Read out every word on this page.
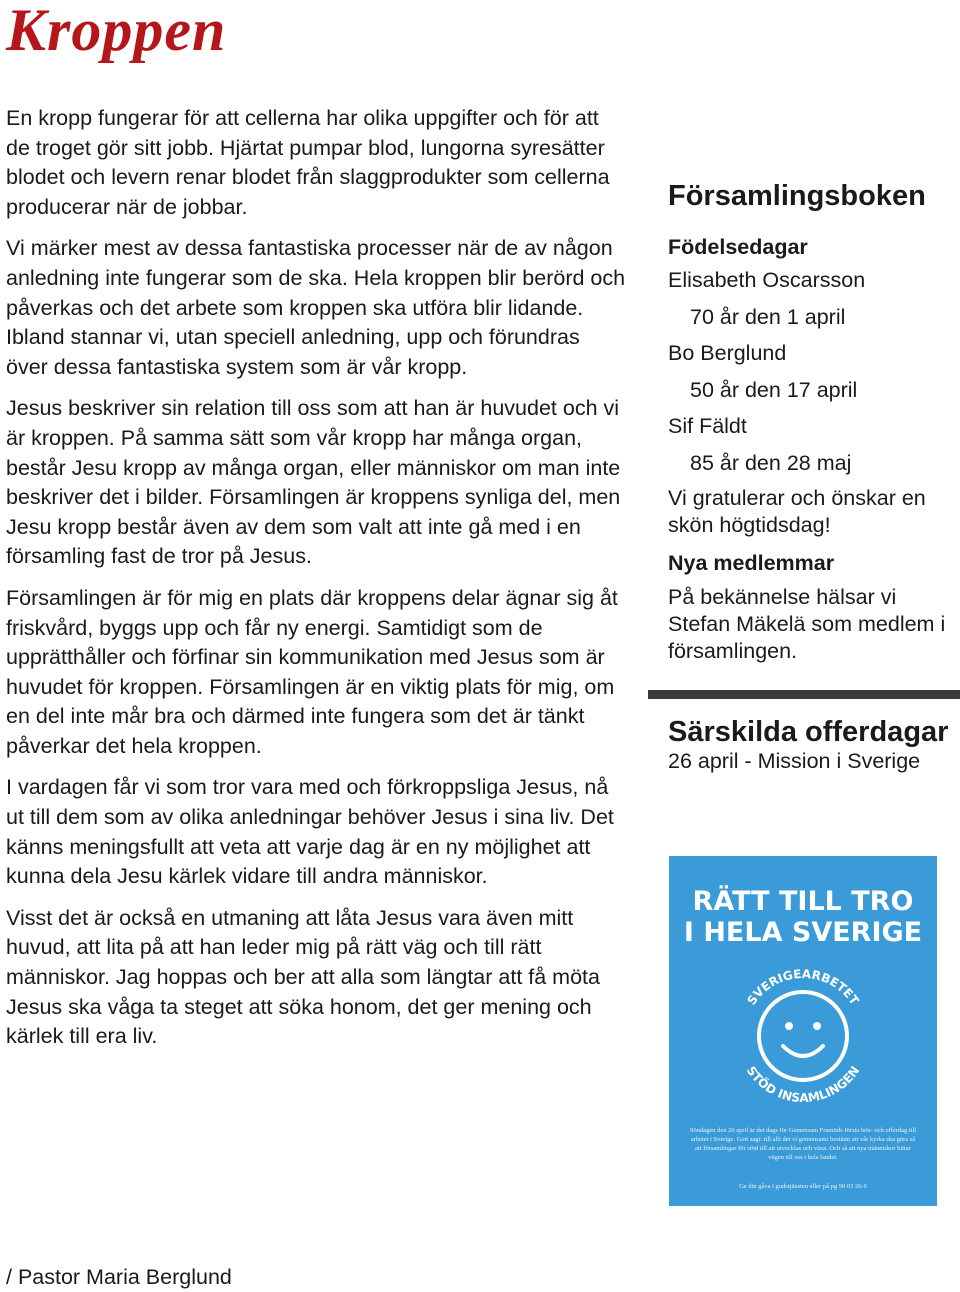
Kroppen

En kropp fungerar för att cellerna har olika uppgifter och för att de troget gör sitt jobb. Hjärtat pumpar blod, lungorna syresätter blodet och levern renar blodet från slaggprodukter som cellerna producerar när de jobbar.

Vi märker mest av dessa fantastiska processer när de av någon anledning inte fungerar som de ska. Hela kroppen blir berörd och påverkas och det arbete som kroppen ska utföra blir lidande. Ibland stannar vi, utan speciell anledning, upp och förundras över dessa fantastiska system som är vår kropp.

Jesus beskriver sin relation till oss som att han är huvudet och vi är kroppen. På samma sätt som vår kropp har många organ, består Jesu kropp av många organ, eller människor om man inte beskriver det i bilder. Församlingen är kroppens synliga del, men Jesu kropp består även av dem som valt att inte gå med i en församling fast de tror på Jesus.

Församlingen är för mig en plats där kroppens delar ägnar sig åt friskvård, byggs upp och får ny energi. Samtidigt som de upprätthåller och förfinar sin kommunikation med Jesus som är huvudet för kroppen. Församlingen är en viktig plats för mig, om en del inte mår bra och därmed inte fungera som det är tänkt påverkar det hela kroppen.

I vardagen får vi som tror vara med och förkroppsliga Jesus, nå ut till dem som av olika anledningar behöver Jesus i sina liv. Det känns meningsfullt att veta att varje dag är en ny möjlighet att kunna dela Jesu kärlek vidare till andra människor.

Visst det är också en utmaning att låta Jesus vara även mitt huvud, att lita på att han leder mig på rätt väg och till rätt människor. Jag hoppas och ber att alla som längtar att få möta Jesus ska våga ta steget att söka honom, det ger mening och kärlek till era liv.

/ Pastor Maria Berglund
Församlingsboken
Födelsedagar
Elisabeth Oscarsson
70 år den 1 april
Bo Berglund
50 år den 17 april
Sif Fäldt
85 år den 28 maj
Vi gratulerar och önskar en skön högtidsdag!
Nya medlemmar
På bekännelse hälsar vi Stefan Mäkelä som medlem i församlingen.
Särskilda offerdagar
26 april - Mission i Sverige
RÄTT TILL TRO
I HELA SVERIGE
SVERIGEARBETET
STÖD INSAMLINGEN
Söndagen den 26 april är det dags för Gemensam Framtids första bön- och offerdag till arbetet i Sverige. Gott sagt: till allt det vi gemensamt bestämt att vår kyrka ska göra så att församlingar för stöd till att utvecklas och växa. Och så att nya människor hittar vägen till oss i hela landet.
Ge din gåva i gudstjänsten eller på pg 90 03 26-6
